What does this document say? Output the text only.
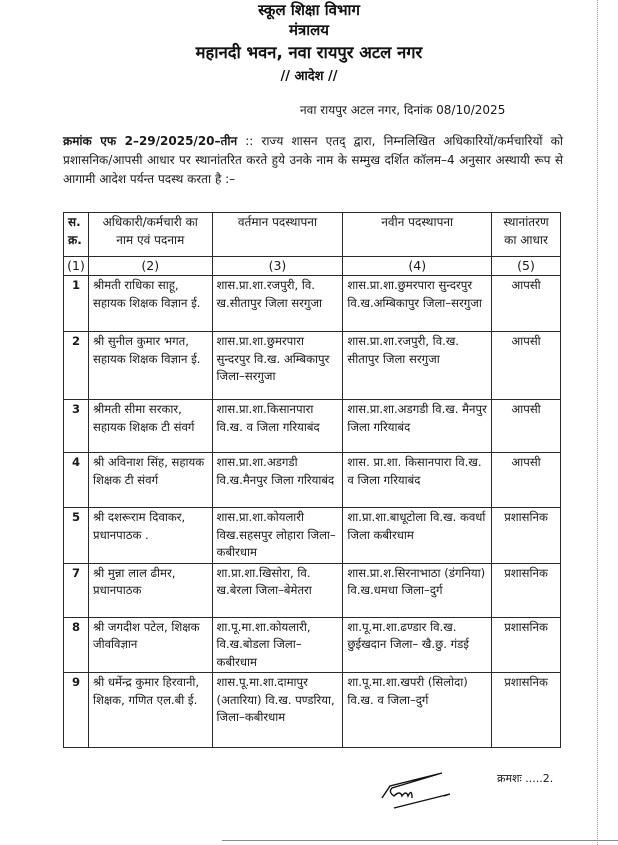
स्कूल शिक्षा विभाग
मंत्रालय
महानदी भवन, नवा रायपुर अटल नगर
// आदेश //
नवा रायपुर अटल नगर, दिनांक 08/10/2025
क्रमांक एफ 2–29/2025/20–तीन :: राज्य शासन एतद् द्वारा, निम्नलिखित अधिकारियों/कर्मचारियों को प्रशासनिक/आपसी आधार पर स्थानांतरित करते हुये उनके नाम के सम्मुख दर्शित कॉलम–4 अनुसार अस्थायी रूप से आगामी आदेश पर्यन्त पदस्थ करता है :–
स. क्र.	अधिकारी/कर्मचारी का नाम एवं पदनाम	वर्तमान पदस्थापना	नवीन पदस्थापना	स्थानांतरण का आधार
(1)	(2)	(3)	(4)	(5)
1	श्रीमती राधिका साहू, सहायक शिक्षक विज्ञान ई.	शास.प्रा.शा.रजपुरी, वि. ख.सीतापुर जिला सरगुजा	शास.प्रा.शा.छुमरपारा सुन्दरपुर वि.ख.अम्बिकापुर जिला–सरगुजा	आपसी
2	श्री सुनील कुमार भगत, सहायक शिक्षक विज्ञान ई.	शास.प्रा.शा.छुमरपारा सुन्दरपुर वि.ख. अम्बिकापुर जिला–सरगुजा	शास.प्रा.शा.रजपुरी, वि.ख. सीतापुर जिला सरगुजा	आपसी
3	श्रीमती सीमा सरकार, सहायक शिक्षक टी संवर्ग	शास.प्रा.शा.किसानपारा वि.ख. व जिला गरियाबंद	शास.प्रा.शा.अडगडी वि.ख. मैनपुर जिला गरियाबंद	आपसी
4	श्री अविनाश सिंह, सहायक शिक्षक टी संवर्ग	शास.प्रा.शा.अडगडी वि.ख.मैनपुर जिला गरियाबंद	शास. प्रा.शा. किसानपारा वि.ख. व जिला गरियाबंद	आपसी
5	श्री दशरूराम दिवाकर, प्रधानपाठक .	शास.प्रा.शा.कोयलारी विख.सहसपुर लोहारा जिला–कबीरधाम	शा.प्रा.शा.बाधूटोला वि.ख. कवर्धा जिला कबीरधाम	प्रशासनिक
7	श्री मुन्ना लाल ढीमर, प्रधानपाठक	शा.प्रा.शा.खिसोरा, वि. ख.बेरला जिला–बेमेतरा	शास.प्रा.श.सिरनाभाठा (डंगनिया) वि.ख.धमधा जिला–दुर्ग	प्रशासनिक
8	श्री जगदीश पटेल, शिक्षक जीवविज्ञान	शा.पू.मा.शा.कोयलारी, वि.ख.बोडला जिला–कबीरधाम	शा.पू.मा.शा.ढण्डार वि.ख. छुईखदान जिला– खै.छु. गंडई	प्रशासनिक
9	श्री धर्मेन्द्र कुमार हिरवानी, शिक्षक, गणित एल.बी ई.	शास.पू.मा.शा.दामापुर (अतारिया) वि.ख. पण्डरिया, जिला–कबीरधाम	शा.पू.मा.शा.खपरी (सिलोदा) वि.ख. व जिला–दुर्ग	प्रशासनिक
क्रमशः .....2.
